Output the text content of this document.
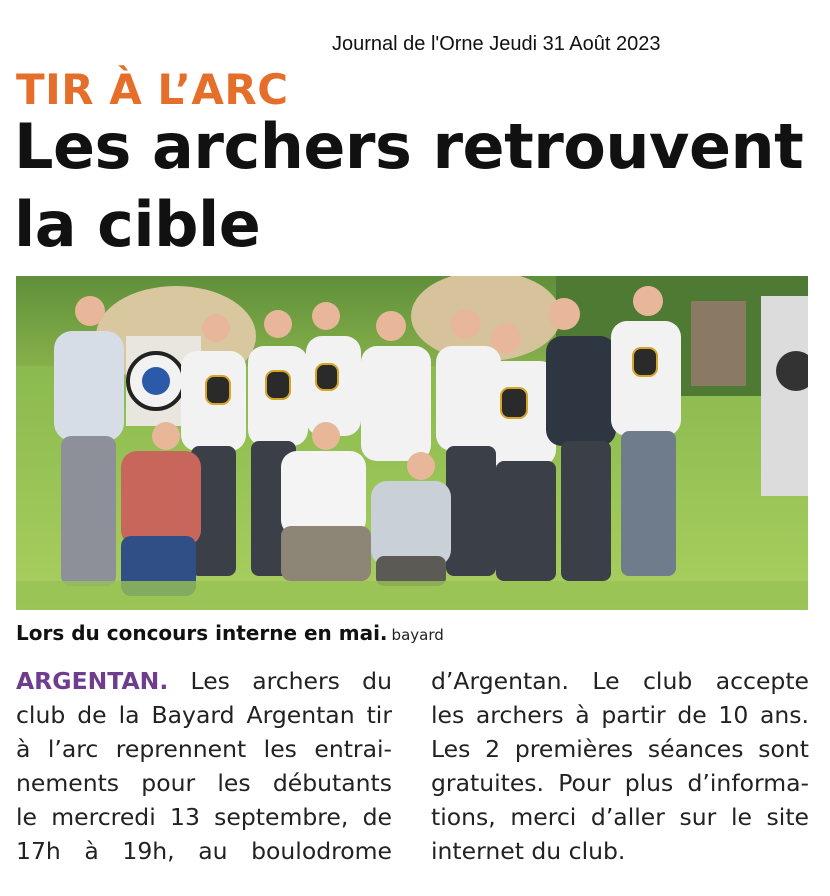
Journal de l'Orne Jeudi 31 Août 2023
TIR À L’ARC
Les archers retrouvent
la cible
Lors du concours interne en mai. bayard
ARGENTAN. Les archers du
club de la Bayard Argentan tir
à l’arc reprennent les entrai-
nements pour les débutants
le mercredi 13 septembre, de
17h à 19h, au boulodrome
d’Argentan. Le club accepte
les archers à partir de 10 ans.
Les 2 premières séances sont
gratuites. Pour plus d’informa-
tions, merci d’aller sur le site
internet du club.
